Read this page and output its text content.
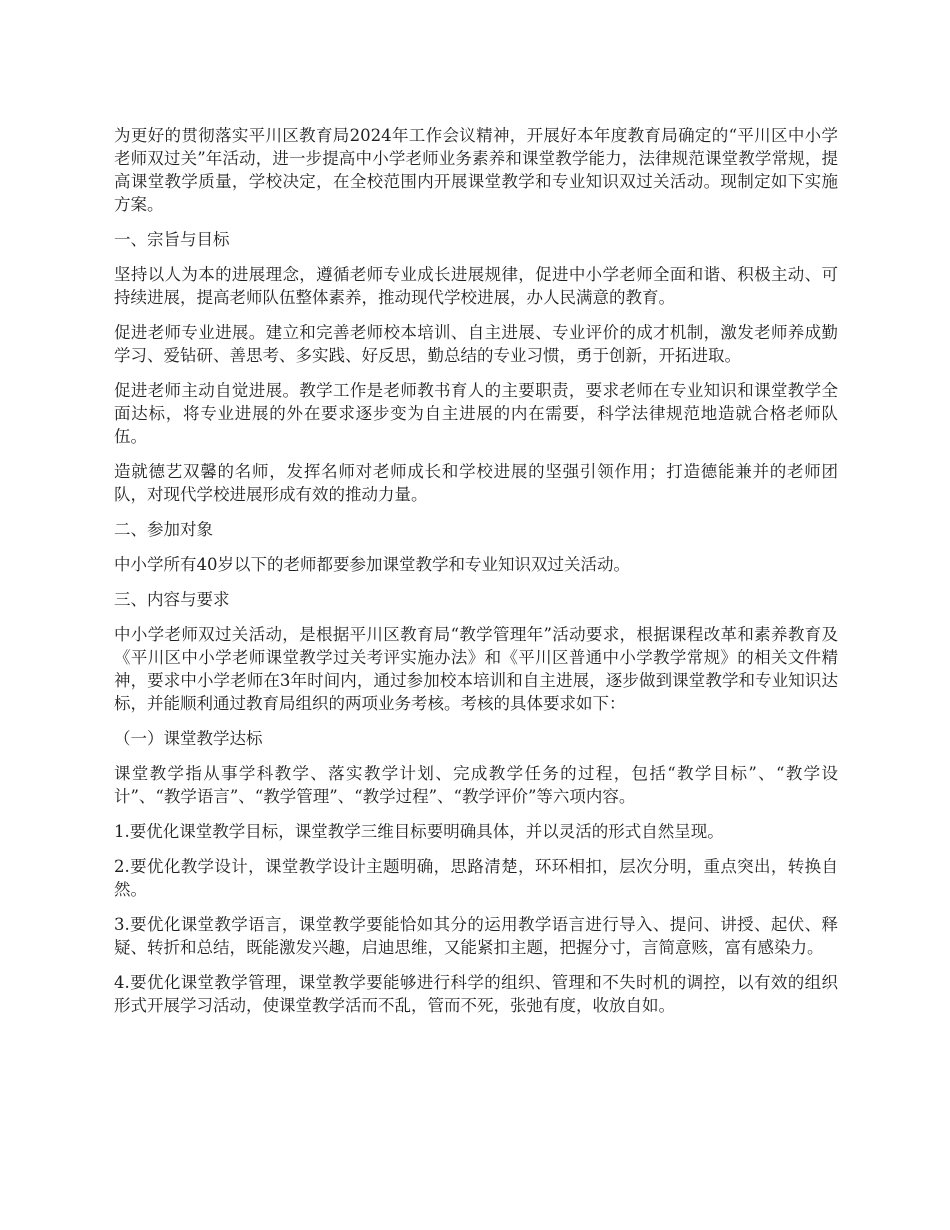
为更好的贯彻落实平川区教育局2024年工作会议精神，开展好本年度教育局确定的“平川区中小学老师双过关”年活动，进一步提高中小学老师业务素养和课堂教学能力，法律规范课堂教学常规，提高课堂教学质量，学校决定，在全校范围内开展课堂教学和专业知识双过关活动。现制定如下实施方案。

一、宗旨与目标

坚持以人为本的进展理念，遵循老师专业成长进展规律，促进中小学老师全面和谐、积极主动、可持续进展，提高老师队伍整体素养，推动现代学校进展，办人民满意的教育。

促进老师专业进展。建立和完善老师校本培训、自主进展、专业评价的成才机制，激发老师养成勤学习、爱钻研、善思考、多实践、好反思，勤总结的专业习惯，勇于创新，开拓进取。

促进老师主动自觉进展。教学工作是老师教书育人的主要职责，要求老师在专业知识和课堂教学全面达标，将专业进展的外在要求逐步变为自主进展的内在需要，科学法律规范地造就合格老师队伍。

造就德艺双馨的名师，发挥名师对老师成长和学校进展的坚强引领作用；打造德能兼并的老师团队，对现代学校进展形成有效的推动力量。

二、参加对象

中小学所有40岁以下的老师都要参加课堂教学和专业知识双过关活动。

三、内容与要求

中小学老师双过关活动，是根据平川区教育局“教学管理年”活动要求，根据课程改革和素养教育及《平川区中小学老师课堂教学过关考评实施办法》和《平川区普通中小学教学常规》的相关文件精神，要求中小学老师在3年时间内，通过参加校本培训和自主进展，逐步做到课堂教学和专业知识达标，并能顺利通过教育局组织的两项业务考核。考核的具体要求如下：

（一）课堂教学达标

课堂教学指从事学科教学、落实教学计划、完成教学任务的过程，包括“教学目标”、“教学设计”、“教学语言”、“教学管理”、“教学过程”、“教学评价”等六项内容。

1.要优化课堂教学目标，课堂教学三维目标要明确具体，并以灵活的形式自然呈现。

2.要优化教学设计，课堂教学设计主题明确，思路清楚，环环相扣，层次分明，重点突出，转换自然。

3.要优化课堂教学语言，课堂教学要能恰如其分的运用教学语言进行导入、提问、讲授、起伏、释疑、转折和总结，既能激发兴趣，启迪思维，又能紧扣主题，把握分寸，言简意赅，富有感染力。

4.要优化课堂教学管理，课堂教学要能够进行科学的组织、管理和不失时机的调控，以有效的组织形式开展学习活动，使课堂教学活而不乱，管而不死，张弛有度，收放自如。
